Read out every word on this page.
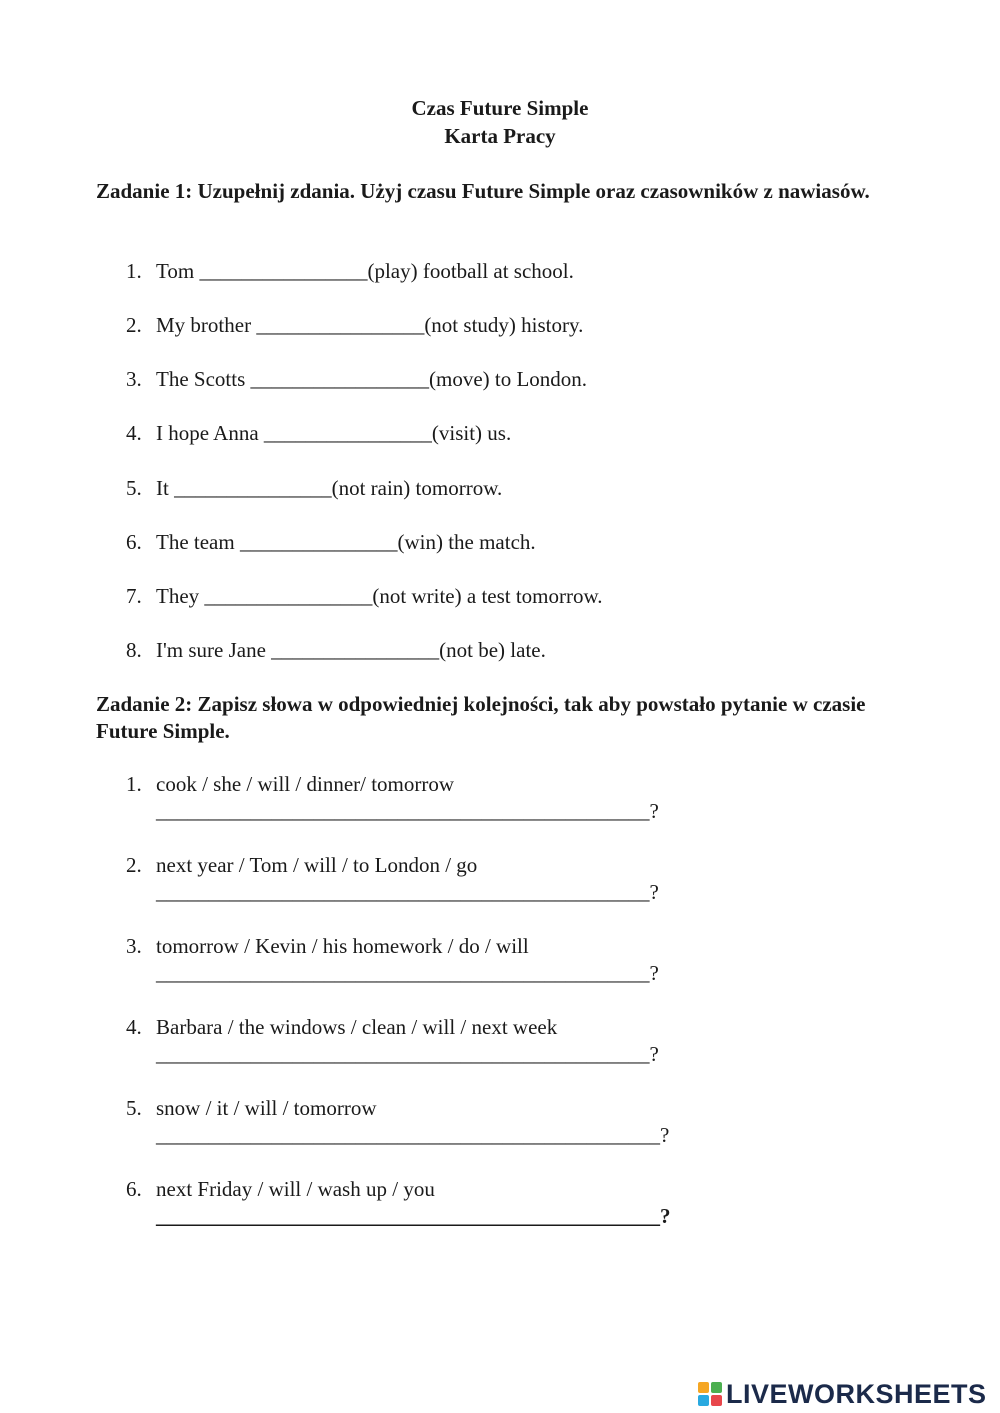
Czas Future Simple
Karta Pracy
Zadanie 1: Uzupełnij zdania. Użyj czasu Future Simple oraz czasowników z nawiasów.
1. Tom ________________(play) football at school.
2. My brother ________________(not study) history.
3. The Scotts _________________(move) to London.
4. I hope Anna ________________(visit) us.
5. It _______________(not rain) tomorrow.
6. The team _______________(win) the match.
7. They ________________(not write) a test tomorrow.
8. I'm sure Jane ________________(not be) late.
Zadanie 2: Zapisz słowa w odpowiedniej kolejności, tak aby powstało pytanie w czasie Future Simple.
1. cook / she / will / dinner/ tomorrow
_______________________________________________?
2. next year / Tom / will / to London / go
_______________________________________________?
3. tomorrow / Kevin / his homework / do / will
_______________________________________________?
4. Barbara / the windows / clean / will / next week
_______________________________________________?
5. snow / it / will / tomorrow
________________________________________________?
6. next Friday / will / wash up / you
________________________________________________?
LIVEWORKSHEETS
